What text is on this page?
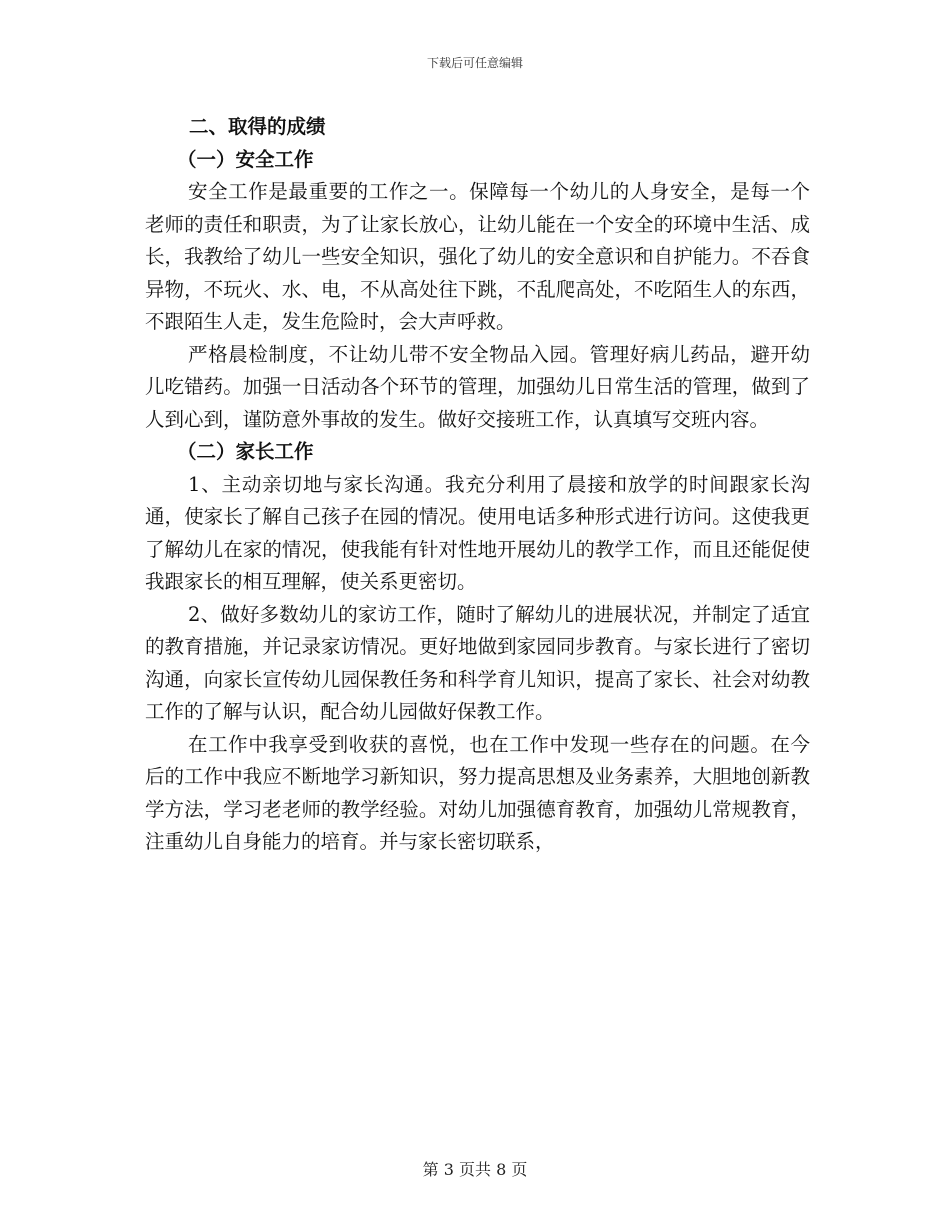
下载后可任意编辑

二、取得的成绩

（一）安全工作

安全工作是最重要的工作之一。保障每一个幼儿的人身安全，是每一个老师的责任和职责，为了让家长放心，让幼儿能在一个安全的环境中生活、成长，我教给了幼儿一些安全知识，强化了幼儿的安全意识和自护能力。不吞食异物，不玩火、水、电，不从高处往下跳，不乱爬高处，不吃陌生人的东西，不跟陌生人走，发生危险时，会大声呼救。

严格晨检制度，不让幼儿带不安全物品入园。管理好病儿药品，避开幼儿吃错药。加强一日活动各个环节的管理，加强幼儿日常生活的管理，做到了人到心到，谨防意外事故的发生。做好交接班工作，认真填写交班内容。

（二）家长工作

1、主动亲切地与家长沟通。我充分利用了晨接和放学的时间跟家长沟通，使家长了解自己孩子在园的情况。使用电话多种形式进行访问。这使我更了解幼儿在家的情况，使我能有针对性地开展幼儿的教学工作，而且还能促使我跟家长的相互理解，使关系更密切。

2、做好多数幼儿的家访工作，随时了解幼儿的进展状况，并制定了适宜的教育措施，并记录家访情况。更好地做到家园同步教育。与家长进行了密切沟通，向家长宣传幼儿园保教任务和科学育儿知识，提高了家长、社会对幼教工作的了解与认识，配合幼儿园做好保教工作。

在工作中我享受到收获的喜悦，也在工作中发现一些存在的问题。在今后的工作中我应不断地学习新知识，努力提高思想及业务素养，大胆地创新教学方法，学习老老师的教学经验。对幼儿加强德育教育，加强幼儿常规教育，注重幼儿自身能力的培育。并与家长密切联系，

第 3 页共 8 页
